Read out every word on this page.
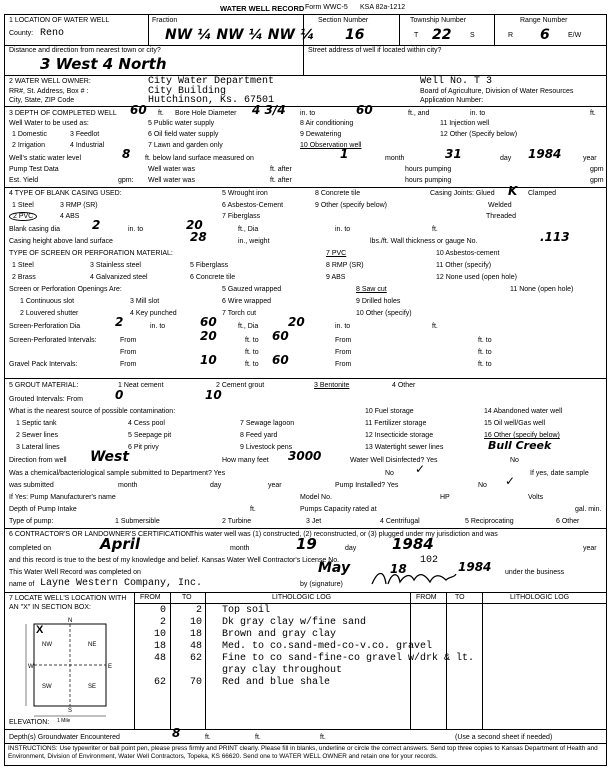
WATER WELL RECORD Form WWC-5 KSA 82a-1212
1 LOCATION OF WATER WELL
County: Reno
Fraction
NW ¼ NW ¼ NW ¼
Section Number
16
Township Number
T 22	S
Range Number
R 6	E/W
Distance and direction from nearest town or city?
3 West 4 North
Street address of well if located within city?
2 WATER WELL OWNER:	City Water Department
RR#, St. Address, Box # :	City Building
City, State, ZIP Code	Hutchinson, Ks. 67501
Well No. T 3
Board of Agriculture, Division of Water Resources
Application Number:
3 DEPTH OF COMPLETED WELL 60 ft. Bore Hole Diameter 4 3/4 in. to	60	ft., and	in. to	ft.
Well Water to be used as:
1 Domestic	3 Feedlot
5 Public water supply	8 Air conditioning	11 Injection well
2 Irrigation	4 Industrial
6 Oil field water supply	9 Dewatering	12 Other (Specify below)
7 Lawn and garden only	10 Observation well
Well's static water level	8 ft. below land surface measured on	1	month	31	day 1984	year
Pump Test Data	Well water was	ft. after	hours pumping	gpm
Est. Yield	gpm: Well water was	ft. after	hours pumping	gpm
4 TYPE OF BLANK CASING USED:
1 Steel	3 RMP (SR)
5 Wrought iron	8 Concrete tile
2 PVC	4 ABS
6 Asbestos-Cement	9 Other (specify below)
7 Fiberglass
Casing Joints: Glued K Clamped
Welded
Threaded
Blank casing dia	2	in. to	20	ft., Dia	in. to	ft.
Casing height above land surface	28	in., weight	lbs./ft. Wall thickness or gauge No.	.113
TYPE OF SCREEN OR PERFORATION MATERIAL:
1 Steel	3 Stainless steel	5 Fiberglass
7 PVC	10 Asbestos-cement
2 Brass	4 Galvanized steel	6 Concrete tile
8 RMP (SR)	11 Other (specify)
9 ABS	12 None used (open hole)
Screen or Perforation Openings Are:	5 Gauzed wrapped	8 Saw cut	11 None (open hole)
1 Continuous slot	3 Mill slot	6 Wire wrapped	9 Drilled holes
2 Louvered shutter	4 Key punched	7 Torch cut	10 Other (specify)
Screen-Perforation Dia	2	in. to	60	ft., Dia 20	in. to	ft.
Screen-Perforated Intervals:	From	20	ft. to 60	From	ft. to
From	ft. to	From	ft. to
Gravel Pack Intervals:	From	10	ft. to 60	From	ft. to
5 GROUT MATERIAL:	1 Neat cement	2 Cement grout	3 Bentonite	4 Other
Grouted Intervals: From	0	10
What is the nearest source of possible contamination:
1 Septic tank	4 Cess pool	7 Sewage lagoon
10 Fuel storage	14 Abandoned water well
2 Sewer lines	5 Seepage pit	8 Feed yard
11 Fertilizer storage	15 Oil well/Gas well
3 Lateral lines	6 Pit privy	9 Livestock pens
12 Insecticide storage	16 Other (specify below)
13 Watertight sewer lines	Bull Creek
Direction from well West	How many feet 3000	Water Well Disinfected? Yes	No
Was a chemical/bacteriological sample submitted to Department? Yes	No ✓	If yes, date sample
was submitted	month	day	year	Pump Installed? Yes	No ✓
If Yes: Pump Manufacturer's name	Model No.	HP	Volts
Depth of Pump Intake	ft.	Pumps Capacity rated at	gal. min.
Type of pump:	1 Submersible	2 Turbine	3 Jet	4 Centrifugal	5 Reciprocating	6 Other
6 CONTRACTOR'S OR LANDOWNER'S CERTIFICATION:
This water well was (1) constructed, (2) reconstructed, or (3) plugged under my jurisdiction and was
completed on	April	month	19	day 1984	year
and this record is true to the best of my knowledge and belief. Kansas Water Well Contractor's License No.	102
This Water Well Record was completed on	May	18	1984 under the business
name of Layne Western Company, Inc.	by (signature)
7 LOCATE WELL'S LOCATION WITH AN "X" IN SECTION BOX:
N
S
W	E
NW	NE
SW	SE
X
1 Mile
FROM	TO	LITHOLOGIC LOG	FROM	TO	LITHOLOGIC LOG
0	2 Top soil
2	10 Dk gray clay w/fine sand
10	18 Brown and gray clay
18	48 Med. to co.sand-med-co-v.co. gravel
48	62 Fine to co sand-fine-co gravel w/drk & lt.
gray clay throughout
62	70 Red and blue shale
ELEVATION:
Depth(s) Groundwater Encountered	8	ft.	ft.	ft.	(Use a second sheet if needed)
INSTRUCTIONS: Use typewriter or ball point pen, please press firmly and PRINT clearly. Please fill in blanks, underline or circle the correct answers. Send top three copies to Kansas Department of Health and Environment, Division of Environment, Water Well Contractors, Topeka, KS 66620. Send one to WATER WELL OWNER and retain one for your records.
